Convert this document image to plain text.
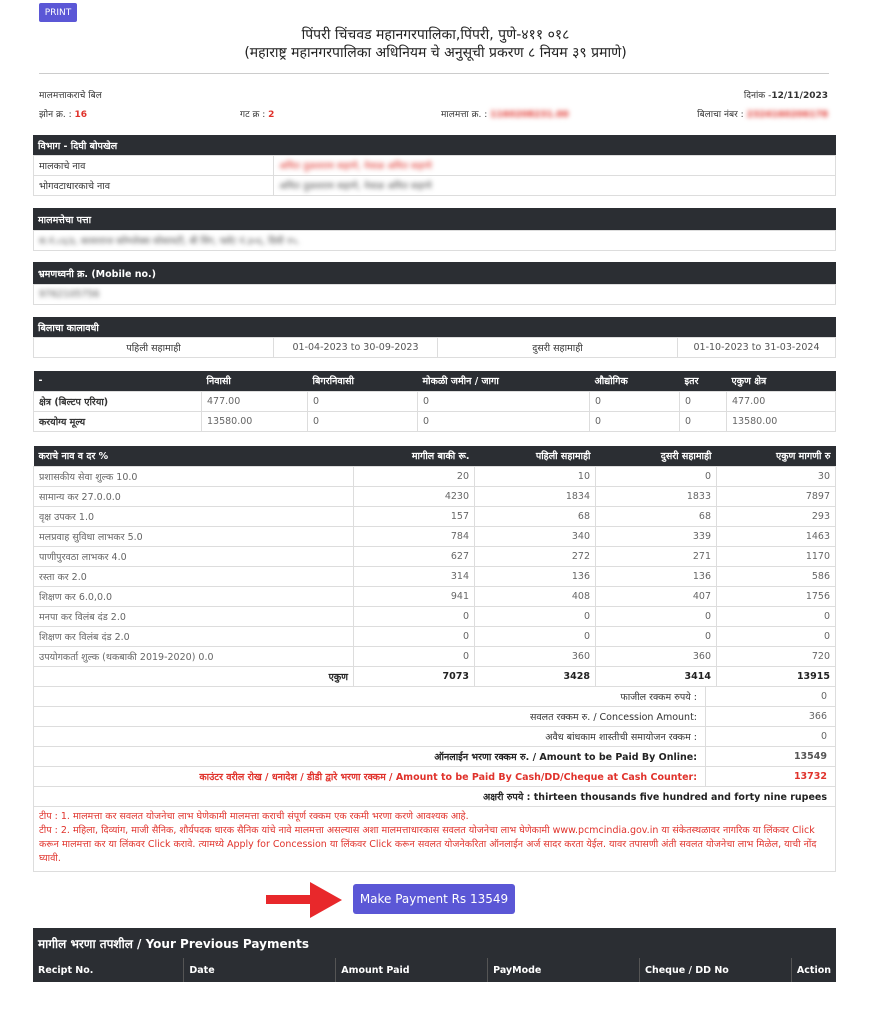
PRINT
पिंपरी चिंचवड महानगरपालिका,पिंपरी, पुणे-४११ ०१८
(महाराष्ट्र महानगरपालिका अधिनियम चे अनुसूची प्रकरण ८ नियम ३९ प्रमाणे)
मालमत्ताकराचे बिल	दिनांक -12/11/2023
झोन क्र. : 16	गट क्र : 2	मालमत्ता क्र. : 1160208231.00	बिलाचा नंबर : 2324160206178
विभाग - दिघी बोपखेल
मालकाचे नाव	अमित तुळशराम सहाणे, नेवाळ अमित सहाणे
भोगवटाधारकाचे नाव	अमित तुळशराम सहाणे, नेवाळ अमित सहाणे
मालमत्तेचा पत्ता
स.नं.८६/३, कावरराज कॉम्प्लेक्स सोसायटी, बी विंग, फ्लॅट नं.३०६, दिघी १५.
भ्रमणध्वनी क्र. (Mobile no.)
9762105756
बिलाचा कालावधी
पहिली सहामाही	01-04-2023 to 30-09-2023	दुसरी सहामाही	01-10-2023 to 31-03-2024
-	निवासी	बिगरनिवासी	मोकळी जमीन / जागा	औद्योगिक	इतर	एकुण क्षेत्र
क्षेत्र (बिल्टप एरिया)	477.00	0	0	0	0	477.00
करयोग्य मूल्य	13580.00	0	0	0	0	13580.00
कराचे नाव व दर %	मागील बाकी रू.	पहिली सहामाही	दुसरी सहामाही	एकुण मागणी रु
प्रशासकीय सेवा शुल्क 10.0	20	10	0	30
सामान्य कर 27.0.0.0	4230	1834	1833	7897
वृक्ष उपकर 1.0	157	68	68	293
मलप्रवाह सुविधा लाभकर 5.0	784	340	339	1463
पाणीपुरवठा लाभकर 4.0	627	272	271	1170
रस्ता कर 2.0	314	136	136	586
शिक्षण कर 6.0,0.0	941	408	407	1756
मनपा कर विलंब दंड 2.0	0	0	0	0
शिक्षण कर विलंब दंड 2.0	0	0	0	0
उपयोगकर्ता शुल्क (थकबाकी 2019-2020) 0.0	0	360	360	720
एकुण	7073	3428	3414	13915
फाजील रक्कम रुपये :	0
सवलत रक्कम रु. / Concession Amount:	366
अवैध बांधकाम शास्तीची समायोजन रक्कम :	0
ऑनलाईन भरणा रक्कम रु. / Amount to be Paid By Online:	13549
काउंटर वरील रोख / धनादेश / डीडी द्वारे भरणा रक्कम / Amount to be Paid By Cash/DD/Cheque at Cash Counter:	13732
अक्षरी रुपये : thirteen thousands five hundred and forty nine rupees
टीप : 1. मालमत्ता कर सवलत योजनेचा लाभ घेणेकामी मालमत्ता कराची संपूर्ण रक्कम एक रकमी भरणा करणे आवश्यक आहे.
टीप : 2. महिला, दिव्यांग, माजी सैनिक, शौर्यपदक धारक सैनिक यांचे नावे मालमत्ता असल्यास अशा मालमत्ताधारकास सवलत योजनेचा लाभ घेणेकामी www.pcmcindia.gov.in या संकेतस्थळावर नागरिक या लिंकवर Click करून मालमत्ता कर या लिंकवर Click करावे. त्यामध्ये Apply for Concession या लिंकवर Click करून सवलत योजनेकरिता ऑनलाईन अर्ज सादर करता येईल. यावर तपासणी अंती सवलत योजनेचा लाभ मिळेल, याची नोंद घ्यावी.
Make Payment Rs 13549
मागील भरणा तपशील / Your Previous Payments
Recipt No.	Date	Amount Paid	PayMode	Cheque / DD No	Action
